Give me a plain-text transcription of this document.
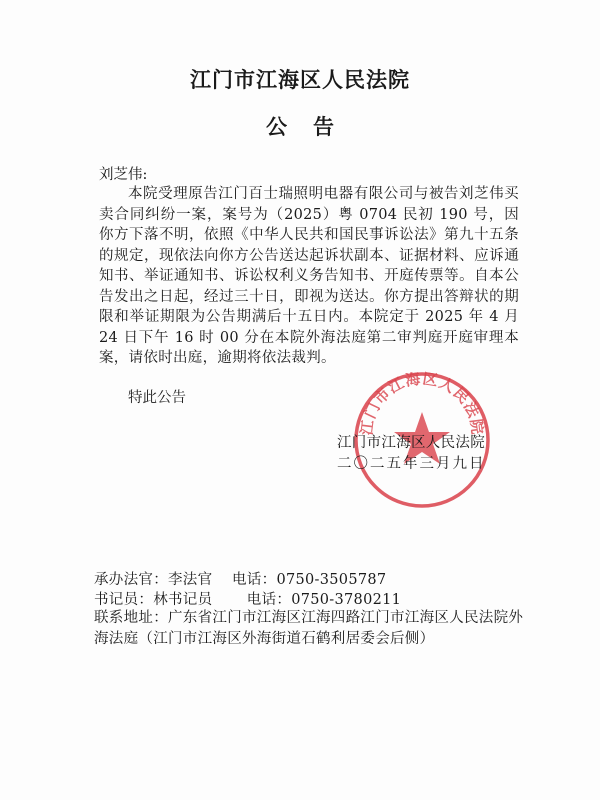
江门市江海区人民法院
公告
刘芝伟:
本院受理原告江门百士瑞照明电器有限公司与被告刘芝伟买卖合同纠纷一案，案号为（2025）粤 0704 民初 190 号，因你方下落不明，依照《中华人民共和国民事诉讼法》第九十五条的规定，现依法向你方公告送达起诉状副本、证据材料、应诉通知书、举证通知书、诉讼权利义务告知书、开庭传票等。自本公告发出之日起，经过三十日，即视为送达。你方提出答辩状的期限和举证期限为公告期满后十五日内。本院定于 2025 年 4 月 24 日下午 16 时 00 分在本院外海法庭第二审判庭开庭审理本案，请依时出庭，逾期将依法裁判。
特此公告
江门市江海区人民法院
江门市江海区人民法院
二〇二五年三月九日
承办法官：李法官 电话：0750-3505787
书记员：林书记员 电话：0750-3780211
联系地址：广东省江门市江海区江海四路江门市江海区人民法院外海法庭（江门市江海区外海街道石鹤利居委会后侧）
